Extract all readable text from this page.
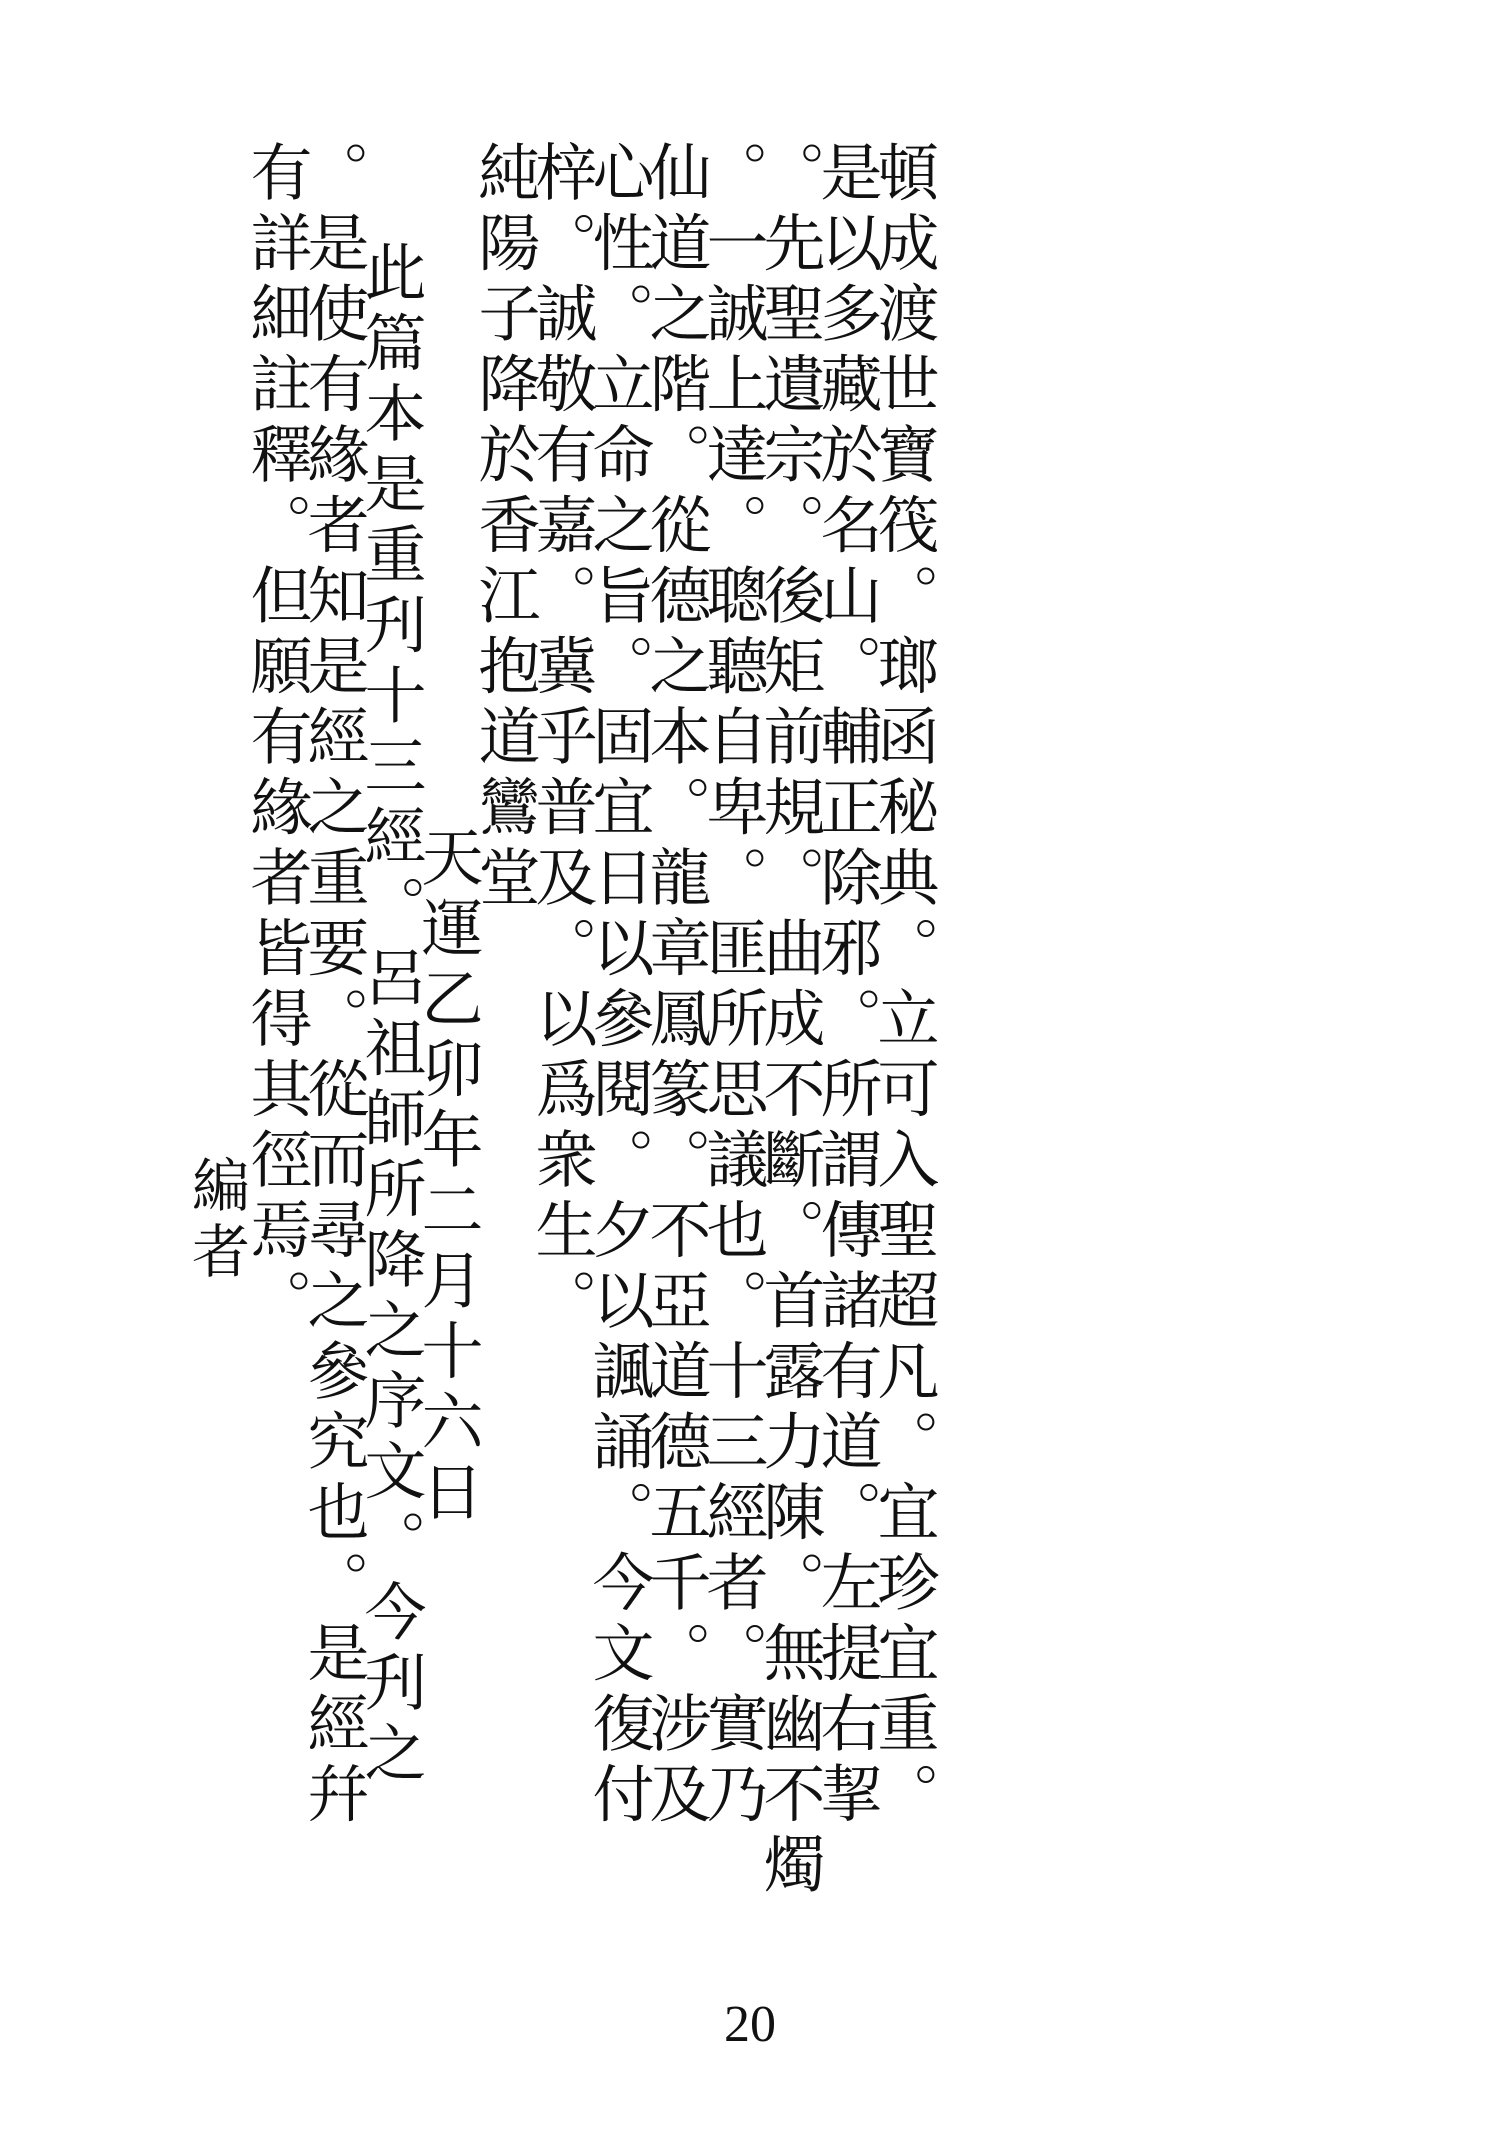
頓成渡世寶筏。瑯函秘典。立可入聖超凡。宜珍宜重。
是以多藏於名山。輔正除邪。所謂傳諸有道。左提右挈
。先聖遺宗。後矩前規。曲成不斷。首露力陳。無幽不燭
。一誠上達。聰聽自卑。匪所思議也。十三經者。實乃
仙道之階。從德之本。龍章鳳篆。不亞道德五千。涉及
心性。立命之旨。固宜日以參閱。夕以諷誦。今文復付
梓。誠敬有嘉。冀乎普及。以爲衆生。
純陽子降於香江抱道鸞堂
天運乙卯年二月十六日
此篇本是重刋十三經。呂祖師所降之序文。今刋之
。是使有緣者知是經之重要。從而尋之參究也。是經幷
有詳細註釋。但願有緣者皆得其徑焉。
編者
20
